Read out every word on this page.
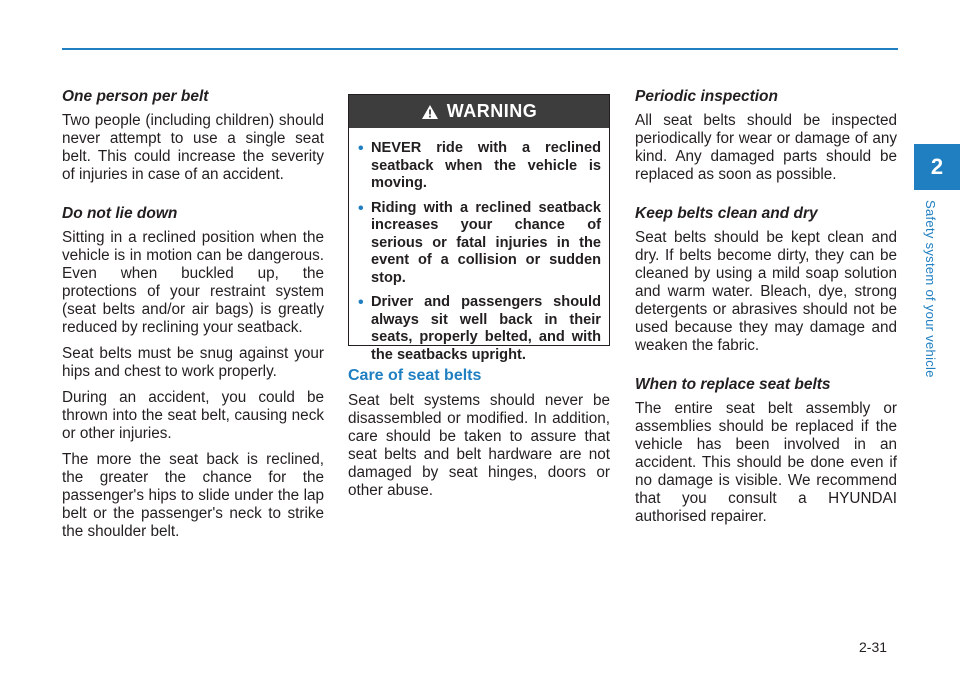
One person per belt

Two people (including children) should never attempt to use a single seat belt. This could increase the severity of injuries in case of an accident.

Do not lie down

Sitting in a reclined position when the vehicle is in motion can be dangerous. Even when buckled up, the protections of your restraint system (seat belts and/or air bags) is greatly reduced by reclining your seatback.

Seat belts must be snug against your hips and chest to work properly.

During an accident, you could be thrown into the seat belt, causing neck or other injuries.

The more the seat back is reclined, the greater the chance for the passenger's hips to slide under the lap belt or the passenger's neck to strike the shoulder belt.

WARNING
• NEVER ride with a reclined seatback when the vehicle is moving.
• Riding with a reclined seatback increases your chance of serious or fatal injuries in the event of a collision or sudden stop.
• Driver and passengers should always sit well back in their seats, properly belted, and with the seatbacks upright.
Care of seat belts

Seat belt systems should never be disassembled or modified. In addition, care should be taken to assure that seat belts and belt hardware are not damaged by seat hinges, doors or other abuse.

Periodic inspection

All seat belts should be inspected periodically for wear or damage of any kind. Any damaged parts should be replaced as soon as possible.

Keep belts clean and dry

Seat belts should be kept clean and dry. If belts become dirty, they can be cleaned by using a mild soap solution and warm water. Bleach, dye, strong detergents or abrasives should not be used because they may damage and weaken the fabric.

When to replace seat belts

The entire seat belt assembly or assemblies should be replaced if the vehicle has been involved in an accident. This should be done even if no damage is visible. We recommend that you consult a HYUNDAI authorised repairer.

2
Safety system of your vehicle
2-31
